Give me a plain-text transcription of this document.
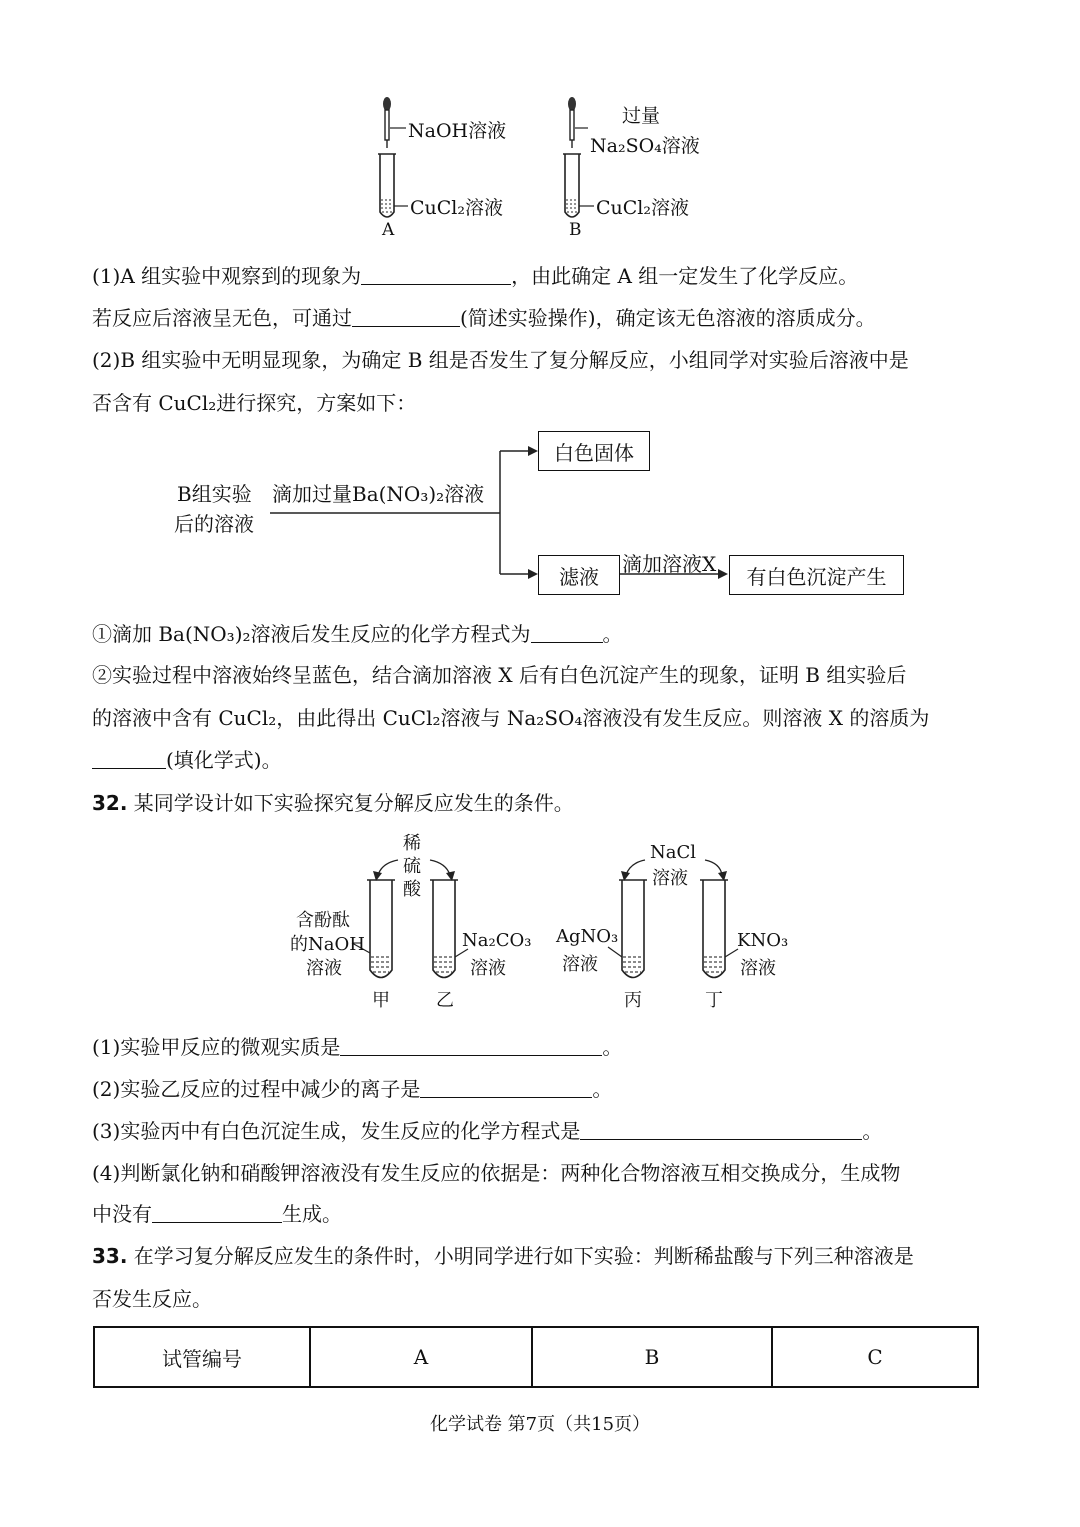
NaOH溶液
CuCl₂溶液
A
过量
Na₂SO₄溶液
CuCl₂溶液
B
(1)A 组实验中观察到的现象为	，由此确定 A 组一定发生了化学反应。
若反应后溶液呈无色，可通过	(简述实验操作)，确定该无色溶液的溶质成分。
(2)B 组实验中无明显现象，为确定 B 组是否发生了复分解反应，小组同学对实验后溶液中是
否含有 CuCl₂进行探究，方案如下：
B组实验
后的溶液
滴加过量Ba(NO₃)₂溶液
白色固体
滤液
滴加溶液X
有白色沉淀产生
①滴加 Ba(NO₃)₂溶液后发生反应的化学方程式为	。
②实验过程中溶液始终呈蓝色，结合滴加溶液 X 后有白色沉淀产生的现象，证明 B 组实验后
的溶液中含有 CuCl₂，由此得出 CuCl₂溶液与 Na₂SO₄溶液没有发生反应。则溶液 X 的溶质为
(填化学式)。
32. 某同学设计如下实验探究复分解反应发生的条件。
稀
硫
酸
NaCl
溶液
含酚酞
的NaOH
溶液
Na₂CO₃
溶液
AgNO₃
溶液
KNO₃
溶液
甲	乙	丙	丁
(1)实验甲反应的微观实质是	。
(2)实验乙反应的过程中减少的离子是	。
(3)实验丙中有白色沉淀生成，发生反应的化学方程式是	。
(4)判断氯化钠和硝酸钾溶液没有发生反应的依据是：两种化合物溶液互相交换成分，生成物
中没有	生成。
33. 在学习复分解反应发生的条件时，小明同学进行如下实验：判断稀盐酸与下列三种溶液是
否发生反应。
试管编号	A	B	C
化学试卷 第7页（共15页）
